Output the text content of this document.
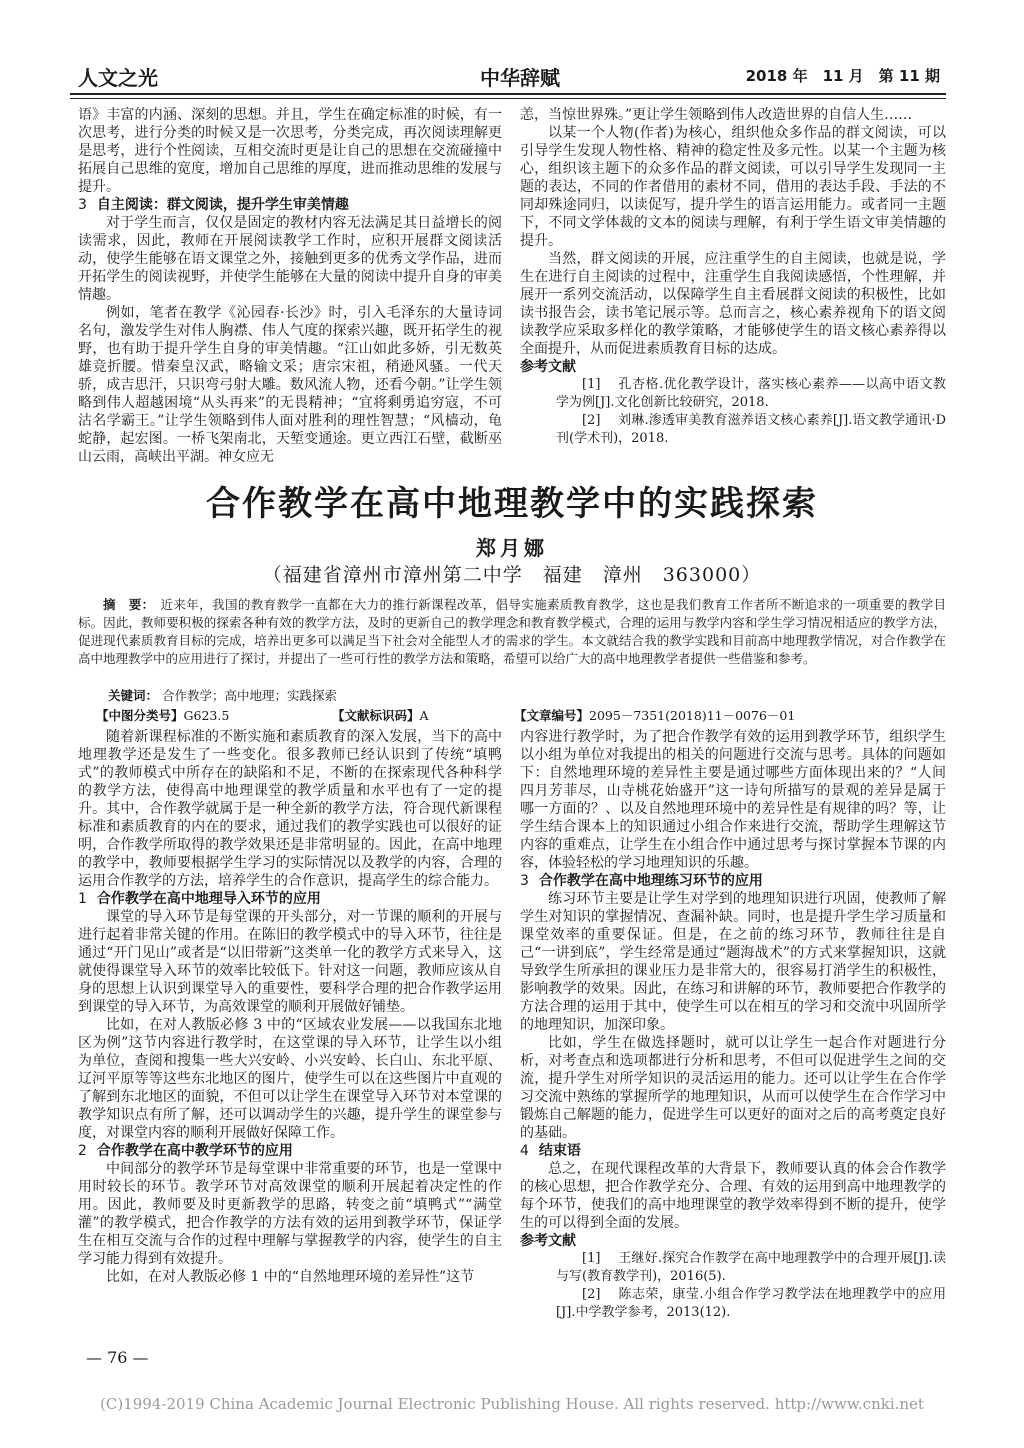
人文之光	中华辞赋	2018 年　11 月　第 11 期

语》丰富的内涵、深刻的思想。并且，学生在确定标准的时候，有一次思考，进行分类的时候又是一次思考，分类完成，再次阅读理解更是思考，进行个性阅读，互相交流时更是让自己的思想在交流碰撞中拓展自己思维的宽度，增加自己思维的厚度，进而推动思维的发展与提升。

3 自主阅读：群文阅读，提升学生审美情趣

对于学生而言，仅仅是固定的教材内容无法满足其日益增长的阅读需求，因此，教师在开展阅读教学工作时，应积开展群文阅读活动，使学生能够在语文课堂之外，接触到更多的优秀文学作品，进而开拓学生的阅读视野，并使学生能够在大量的阅读中提升自身的审美情趣。

例如，笔者在教学《沁园春·长沙》时，引入毛泽东的大量诗词名句，激发学生对伟人胸襟、伟人气度的探索兴趣，既开拓学生的视野，也有助于提升学生自身的审美情趣。“江山如此多娇，引无数英雄竞折腰。惜秦皇汉武，略输文采；唐宗宋祖，稍逊风骚。一代天骄，成吉思汗，只识弯弓射大雕。数风流人物，还看今朝。”让学生领略到伟人超越困境“从头再来”的无畏精神；“宜将剩勇追穷寇，不可沽名学霸王。”让学生领略到伟人面对胜利的理性智慧；“风樯动，龟蛇静，起宏图。一桥飞架南北，天堑变通途。更立西江石壁，截断巫山云雨，高峡出平湖。神女应无

恙，当惊世界殊。”更让学生领略到伟人改造世界的自信人生……

以某一个人物(作者)为核心，组织他众多作品的群文阅读，可以引导学生发现人物性格、精神的稳定性及多元性。以某一个主题为核心，组织该主题下的众多作品的群文阅读，可以引导学生发现同一主题的表达，不同的作者借用的素材不同，借用的表达手段、手法的不同却殊途同归，以读促写，提升学生的语言运用能力。或者同一主题下，不同文学体裁的文本的阅读与理解，有利于学生语文审美情趣的提升。

当然，群文阅读的开展，应注重学生的自主阅读，也就是说，学生在进行自主阅读的过程中，注重学生自我阅读感悟，个性理解，并展开一系列交流活动，以保障学生自主看展群文阅读的积极性，比如读书报告会，读书笔记展示等。总而言之，核心素养视角下的语文阅读教学应采取多样化的教学策略，才能够使学生的语文核心素养得以全面提升，从而促进素质教育目标的达成。

参考文献

[1] 孔杏格.优化教学设计，落实核心素养——以高中语文教学为例[J].文化创新比较研究，2018.

[2] 刘琳.渗透审美教育滋养语文核心素养[J].语文教学通讯·D刊(学术刊)，2018.

合作教学在高中地理教学中的实践探索
郑月娜
（福建省漳州市漳州第二中学　福建　漳州　363000）
摘　要： 近来年，我国的教育教学一直都在大力的推行新课程改革，倡导实施素质教育教学，这也是我们教育工作者所不断追求的一项重要的教学目标。因此，教师要积极的探索各种有效的教学方法，及时的更新自己的教学理念和教育教学模式，合理的运用与教学内容和学生学习情况相适应的教学方法，促进现代素质教育目标的完成，培养出更多可以满足当下社会对全能型人才的需求的学生。本文就结合我的教学实践和目前高中地理教学情况，对合作教学在高中地理教学中的应用进行了探讨，并提出了一些可行性的教学方法和策略，希望可以给广大的高中地理教学者提供一些借鉴和参考。
关键词： 合作教学；高中地理；实践探索
【中图分类号】G623.5	【文献标识码】A	【文章编号】2095－7351(2018)11－0076－01

随着新课程标准的不断实施和素质教育的深入发展，当下的高中地理教学还是发生了一些变化。很多教师已经认识到了传统“填鸭式”的教师模式中所存在的缺陷和不足，不断的在探索现代各种科学的教学方法，使得高中地理课堂的教学质量和水平也有了一定的提升。其中，合作教学就属于是一种全新的教学方法，符合现代新课程标准和素质教育的内在的要求，通过我们的教学实践也可以很好的证明，合作教学所取得的教学效果还是非常明显的。因此，在高中地理的教学中，教师要根据学生学习的实际情况以及教学的内容，合理的运用合作教学的方法，培养学生的合作意识，提高学生的综合能力。

1 合作教学在高中地理导入环节的应用

课堂的导入环节是每堂课的开头部分，对一节课的顺利的开展与进行起着非常关键的作用。在陈旧的教学模式中的导入环节，往往是通过“开门见山”或者是“以旧带新”这类单一化的教学方式来导入，这就使得课堂导入环节的效率比较低下。针对这一问题，教师应该从自身的思想上认识到课堂导入的重要性，要科学合理的把合作教学运用到课堂的导入环节，为高效课堂的顺利开展做好铺垫。

比如，在对人教版必修 3 中的“区域农业发展——以我国东北地区为例”这节内容进行教学时，在这堂课的导入环节，让学生以小组为单位，查阅和搜集一些大兴安岭、小兴安岭、长白山、东北平原、辽河平原等等这些东北地区的图片，使学生可以在这些图片中直观的了解到东北地区的面貌，不但可以让学生在课堂导入环节对本堂课的教学知识点有所了解，还可以调动学生的兴趣，提升学生的课堂参与度，对课堂内容的顺利开展做好保障工作。

2 合作教学在高中教学环节的应用

中间部分的教学环节是每堂课中非常重要的环节，也是一堂课中用时较长的环节。教学环节对高效课堂的顺利开展起着决定性的作用。因此，教师要及时更新教学的思路，转变之前“填鸭式”“满堂灌”的教学模式，把合作教学的方法有效的运用到教学环节，保证学生在相互交流与合作的过程中理解与掌握教学的内容，使学生的自主学习能力得到有效提升。

比如，在对人教版必修 1 中的“自然地理环境的差异性”这节

内容进行教学时，为了把合作教学有效的运用到教学环节，组织学生以小组为单位对我提出的相关的问题进行交流与思考。具体的问题如下：自然地理环境的差异性主要是通过哪些方面体现出来的？“人间四月芳菲尽，山寺桃花始盛开”这一诗句所描写的景观的差异是属于哪一方面的？、以及自然地理环境中的差异性是有规律的吗？等，让学生结合课本上的知识通过小组合作来进行交流，帮助学生理解这节内容的重难点，让学生在小组合作中通过思考与探讨掌握本节课的内容，体验轻松的学习地理知识的乐趣。

3 合作教学在高中地理练习环节的应用

练习环节主要是让学生对学到的地理知识进行巩固，使教师了解学生对知识的掌握情况、查漏补缺。同时，也是提升学生学习质量和课堂效率的重要保证。但是，在之前的练习环节，教师往往是自己“一讲到底”，学生经常是通过“题海战术”的方式来掌握知识，这就导致学生所承担的课业压力是非常大的，很容易打消学生的积极性，影响教学的效果。因此，在练习和讲解的环节，教师要把合作教学的方法合理的运用于其中，使学生可以在相互的学习和交流中巩固所学的地理知识，加深印象。

比如，学生在做选择题时，就可以让学生一起合作对题进行分析，对考查点和选项都进行分析和思考，不但可以促进学生之间的交流，提升学生对所学知识的灵活运用的能力。还可以让学生在合作学习交流中熟练的掌握所学的地理知识，从而可以使学生在合作学习中锻炼自己解题的能力，促进学生可以更好的面对之后的高考奠定良好的基础。

4 结束语

总之，在现代课程改革的大背景下，教师要认真的体会合作教学的核心思想，把合作教学充分、合理、有效的运用到高中地理教学的每个环节，使我们的高中地理课堂的教学效率得到不断的提升，使学生的可以得到全面的发展。

参考文献

[1] 王继好.探究合作教学在高中地理教学中的合理开展[J].读与写(教育教学刊)，2016(5).

[2] 陈志荣，康莹.小组合作学习教学法在地理教学中的应用[J].中学教学参考，2013(12).

— 76 —
(C)1994-2019 China Academic Journal Electronic Publishing House. All rights reserved. http://www.cnki.net
